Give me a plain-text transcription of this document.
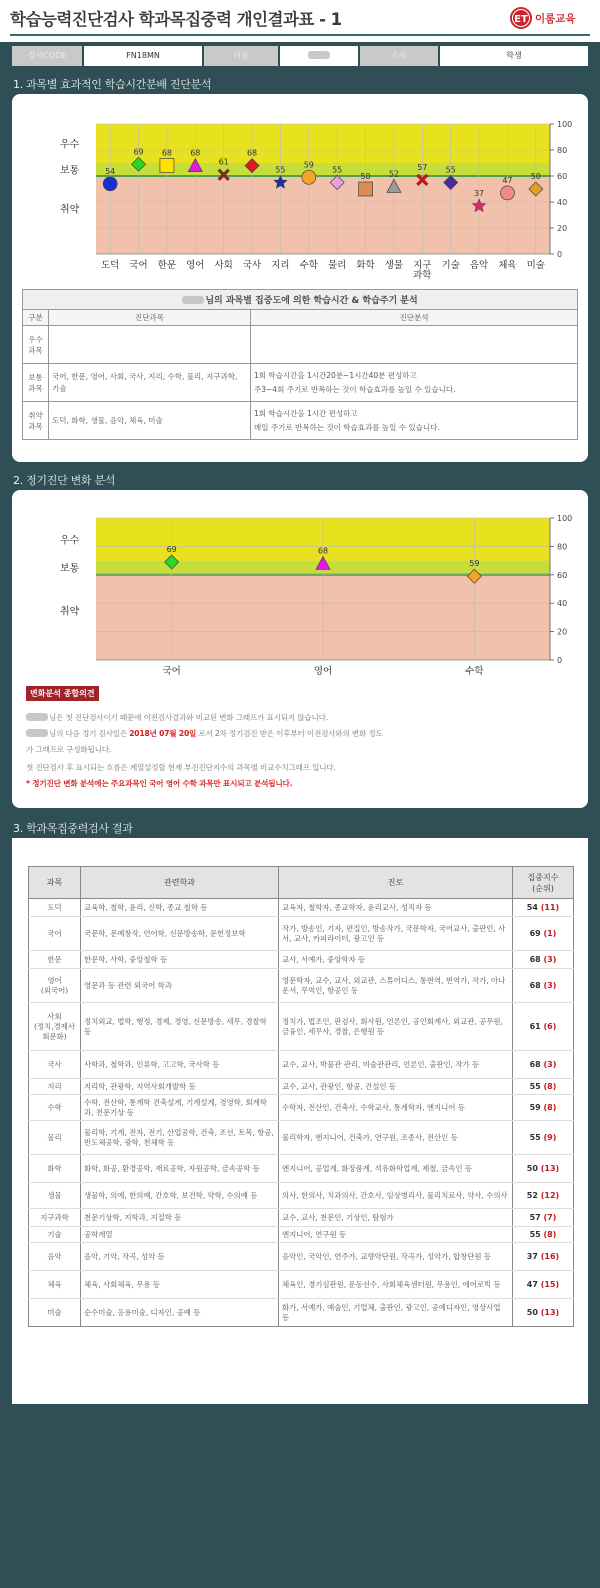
학습능력진단검사 학과목집중력 개인결과표 - 1	ET 이룸교육
검사CODE	FN18MN	이름	소속	학생
1. 과목별 효과적인 학습시간분배 진단분석
0
20
40
60
80
100
우수
보통
취약
도덕
54
국어
69
한문
68
영어
68
사회
61
국사
68
지리
55
수학
59
물리
55
화학
50
생물
52
지구
과학
57
기술
55
음악
37
체육
47
미술
50
님의 과목별 집중도에 의한 학습시간 & 학습주기 분석		
구분	진단과목	진단분석
우수과목		
보통과목	국어, 한문, 영어, 사회, 국사, 지리, 수학, 물리, 지구과학, 기술	1회 학습시간을 1시간20분~1시간40분 편성하고
주3~4회 주기로 반복하는 것이 학습효과를 높일 수 있습니다.
취약과목	도덕, 화학, 생물, 음악, 체육, 미술	1회 학습시간을 1시간 편성하고
매일 주기로 반복하는 것이 학습효과를 높일 수 있습니다.
2. 정기진단 변화 분석
0
20
40
60
80
100
우수
보통
취약
국어
69
영어
68
수학
59
변화분석 종합의견
님은 첫 진단검사이기 때문에 이전검사결과와 비교된 변화 그래프가 표시되지 않습니다.
님의 다음 정기 검사일은 2018년 07월 20일 로서 2차 정기검진 받은 이후부터 이전검사와의 변화 정도
가 그래프로 구성화됩니다.
첫 진단검사 후 표시되는 흐름은 계열설정할 현재 부진진단지수의 과목별 비교수치그래프 입니다.
* 정기진단 변화 분석에는 주요과목인 국어 영어 수학 과목만 표시되고 분석됩니다.
3. 학과목집중력검사 결과
과목	관련학과	진로	집중지수
(순위)
도덕	교육학, 철학, 윤리, 신학, 종교 철학 등	교육자, 철학자, 종교학자, 윤리교사, 성직자 등	54 (11)
국어	국문학, 문예창작, 언어학, 신문방송학, 문헌정보학	작가, 방송인, 기자, 편집인, 방송작가, 국문학자, 국어교사, 출판인, 사서, 교사, 카피라이터, 광고인 등	69 (1)
한문	한문학, 사학, 중앙철학 등	교사, 서예가, 중앙학자 등	68 (3)
영어
(외국어)	영문과 등 관련 외국어 학과	영문학자, 교수, 교사, 외교관, 스튜어디스, 통번역, 번역가, 작가, 아나운서, 무역인, 항공인 등	68 (3)
사회
(정치,경제사회문화)	정치외교, 법학, 행정, 경제, 경영, 신문방송, 세무, 경찰학 등	정치가, 법조인, 판검사, 회사원, 언론인, 공인회계사, 외교관, 공무원, 금융인, 세무사, 경찰, 은행원 등	61 (6)
국사	사학과, 철학과, 인류학, 고고학, 국사학 등	교수, 교사, 박물관 관리, 미술관관리, 언론인, 출판인, 작가 등	68 (3)
지리	지리학, 관광학, 지역사회개발학 등	교수, 교사, 관광인, 항공, 건설인 등	55 (8)
수학	수학, 전산학, 통계학 건축설계, 기계설계, 경영학, 회계학과, 천문기상 등	수학자, 전산인, 건축사, 수학교사, 통계학자, 엔지니어 등	59 (8)
물리	물리학, 기계, 전자, 전기, 산업공학, 건축, 조선, 토목, 항공, 반도체공학, 광학, 천체학 등	물리학자, 엔지니어, 건축가, 연구원, 조종사, 전산인 등	55 (9)
화학	화학, 화공, 환경공학, 재료공학, 자원공학, 금속공학 등	엔지니어, 공업계, 화장품계, 석유화학업계, 제철, 금속인 등	50 (13)
생물	생물학, 의예, 한의예, 간호학, 보건학, 약학, 수의예 등	의사, 한의사, 치과의사, 간호사, 임상병리사, 물리치료사, 약사, 수의사	52 (12)
지구과학	천문기상학, 지학과, 지질학 등	교수, 교사, 천문인, 기상인, 탐험가	57 (7)
기술	공학계열	엔지니어, 연구원 등	55 (8)
음악	음악, 기악, 작곡, 성악 등	음악인, 국악인, 연주가, 교향악단원, 작곡가, 성악가, 합창단원 등	37 (16)
체육	체육, 사회체육, 무용 등	체육인, 경기심판원, 운동선수, 사회체육센터원, 무용인, 에어로빅 등	47 (15)
미술	순수미술, 응용미술, 디자인, 공예 등	화가, 서예가, 예술인, 기업체, 출판인, 광고인, 공예디자인, 영상사업 등	50 (13)
